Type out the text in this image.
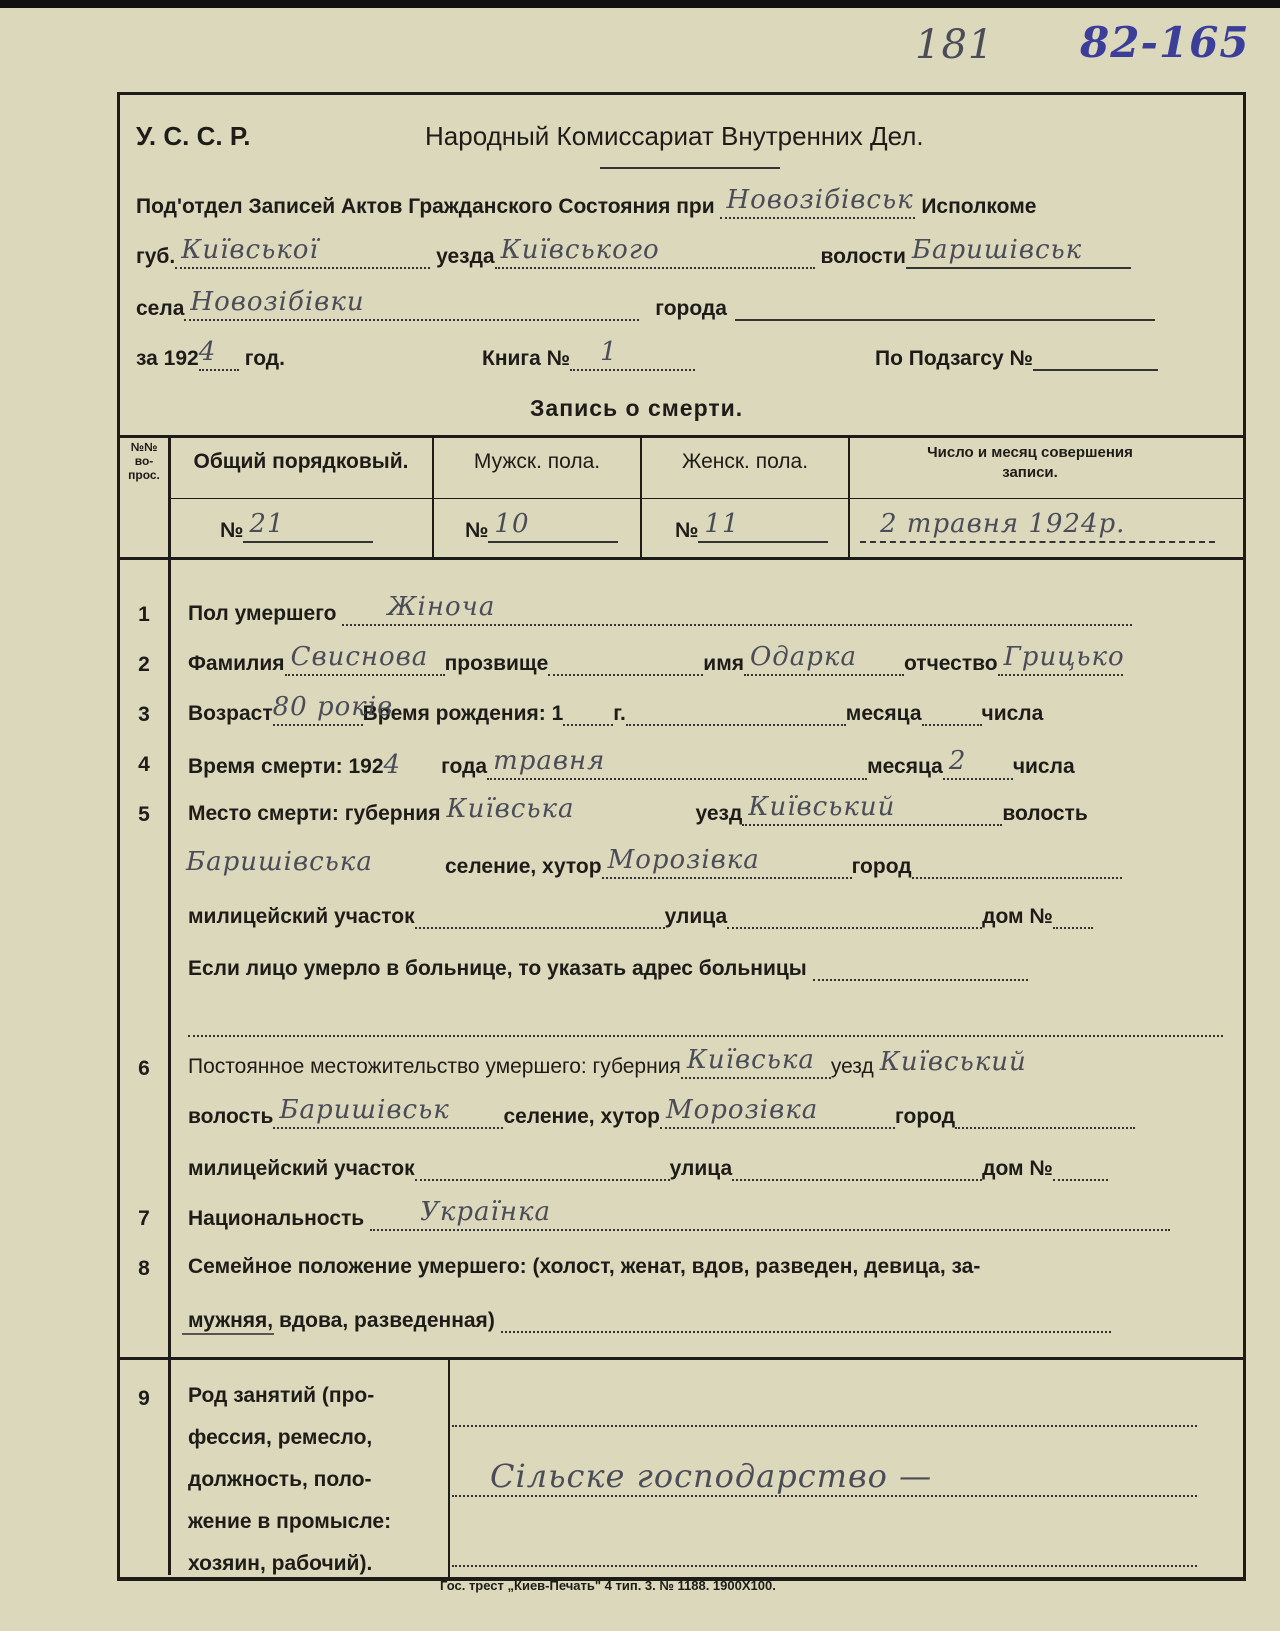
181 82-165
У. С. С. Р.	Народный Комиссариат Внутренних Дел.
Под'отдел Записей Актов Гражданского Состояния при Новозібівськ Исполкоме
губ. Київської	уезда Київського	волости Баришівськ
села Новозібівки	города
за 192 4 год.	Книга № 1	По Подзагсу №
Запись о смерти.
№№ во-прос.
Общий порядковый.	Мужск. пола.	Женск. пола.	Число и месяц совершения записи.
№ 21	№ 10	№ 11	2 травня 1924р.
1	Пол умершего Жіноча
2	Фамилия Свиснова прозвище	имя Одарка отчество Грицько
3	Возраст 80 років
Время рождения: 1 г.	месяца	числа
4	Время смерти: 1924 года травня	месяца 2 числа
5	Место смерти: губерния Київська	уезд Київський	волость
Баришівська	селение, хутор Морозівка	город
милицейский участок	улица	дом №
Если лицо умерло в больнице, то указать адрес больницы
6	Постоянное местожительство умершего: губерния Київська уезд Київський
волость Баришівськ	селение, хутор Морозівка	город
милицейский участок	улица	дом №
7	Национальность Українка
8	Семейное положение умершего: (холост, женат, вдов, разведен, девица, за-
мужняя, вдова, разведенная)
9	Род занятий (про-
фессия, ремесло,
должность, поло-
жение в промысле:
хозяин, рабочий).
Сільске господарство —
Гос. трест „Киев-Печать" 4 тип. 3. № 1188. 1900Х100.
